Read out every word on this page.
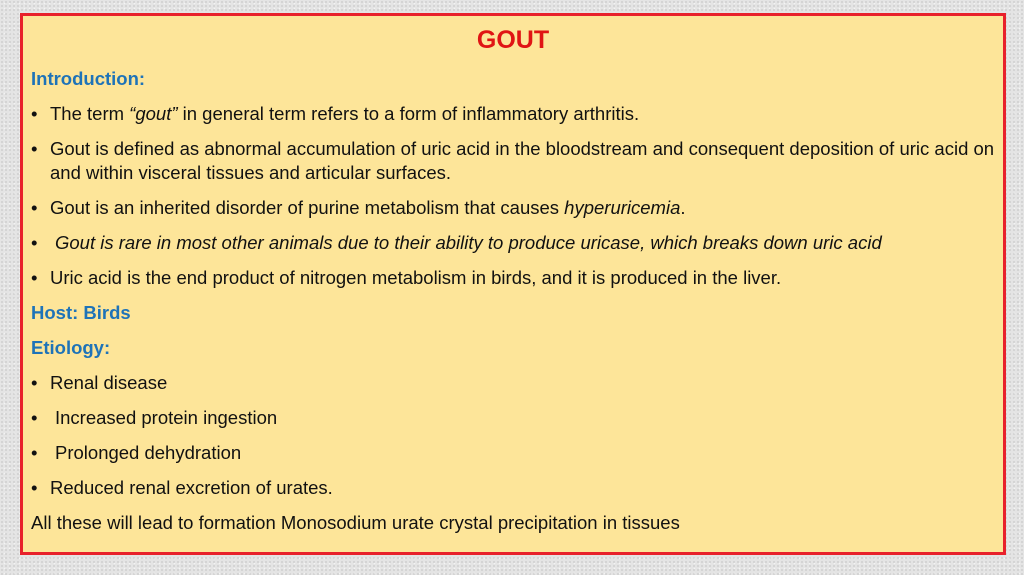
GOUT
Introduction:
• The term “gout” in general term refers to a form of inflammatory arthritis.
• Gout is defined as abnormal accumulation of uric acid in the bloodstream and consequent deposition of uric acid on and within visceral tissues and articular surfaces.
• Gout is an inherited disorder of purine metabolism that causes hyperuricemia.
• Gout is rare in most other animals due to their ability to produce uricase, which breaks down uric acid
• Uric acid is the end product of nitrogen metabolism in birds, and it is produced in the liver.
Host: Birds
Etiology:
• Renal disease
• Increased protein ingestion
• Prolonged dehydration
• Reduced renal excretion of urates.
All these will lead to formation Monosodium urate crystal precipitation in tissues
